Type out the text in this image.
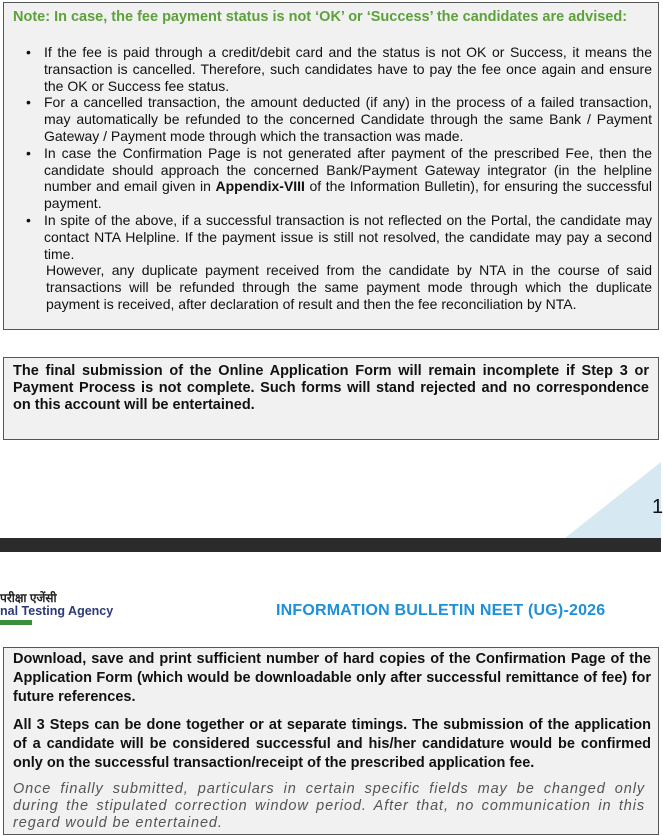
Note: In case, the fee payment status is not ‘OK’ or ‘Success’ the candidates are advised:
• If the fee is paid through a credit/debit card and the status is not OK or Success, it means the transaction is cancelled. Therefore, such candidates have to pay the fee once again and ensure the OK or Success fee status.
• For a cancelled transaction, the amount deducted (if any) in the process of a failed transaction, may automatically be refunded to the concerned Candidate through the same Bank / Payment Gateway / Payment mode through which the transaction was made.
• In case the Confirmation Page is not generated after payment of the prescribed Fee, then the candidate should approach the concerned Bank/Payment Gateway integrator (in the helpline number and email given in Appendix-VIII of the Information Bulletin), for ensuring the successful payment.
• In spite of the above, if a successful transaction is not reflected on the Portal, the candidate may contact NTA Helpline. If the payment issue is still not resolved, the candidate may pay a second time.
However, any duplicate payment received from the candidate by NTA in the course of said transactions will be refunded through the same payment mode through which the duplicate payment is received, after declaration of result and then the fee reconciliation by NTA.

The final submission of the Online Application Form will remain incomplete if Step 3 or Payment Process is not complete. Such forms will stand rejected and no correspondence on this account will be entertained.

1
परीक्षा एजेंसी
nal Testing Agency	INFORMATION BULLETIN NEET (UG)-2026

Download, save and print sufficient number of hard copies of the Confirmation Page of the Application Form (which would be downloadable only after successful remittance of fee) for future references.

All 3 Steps can be done together or at separate timings. The submission of the application of a candidate will be considered successful and his/her candidature would be confirmed only on the successful transaction/receipt of the prescribed application fee.

Once finally submitted, particulars in certain specific fields may be changed only during the stipulated correction window period. After that, no communication in this regard would be entertained.
